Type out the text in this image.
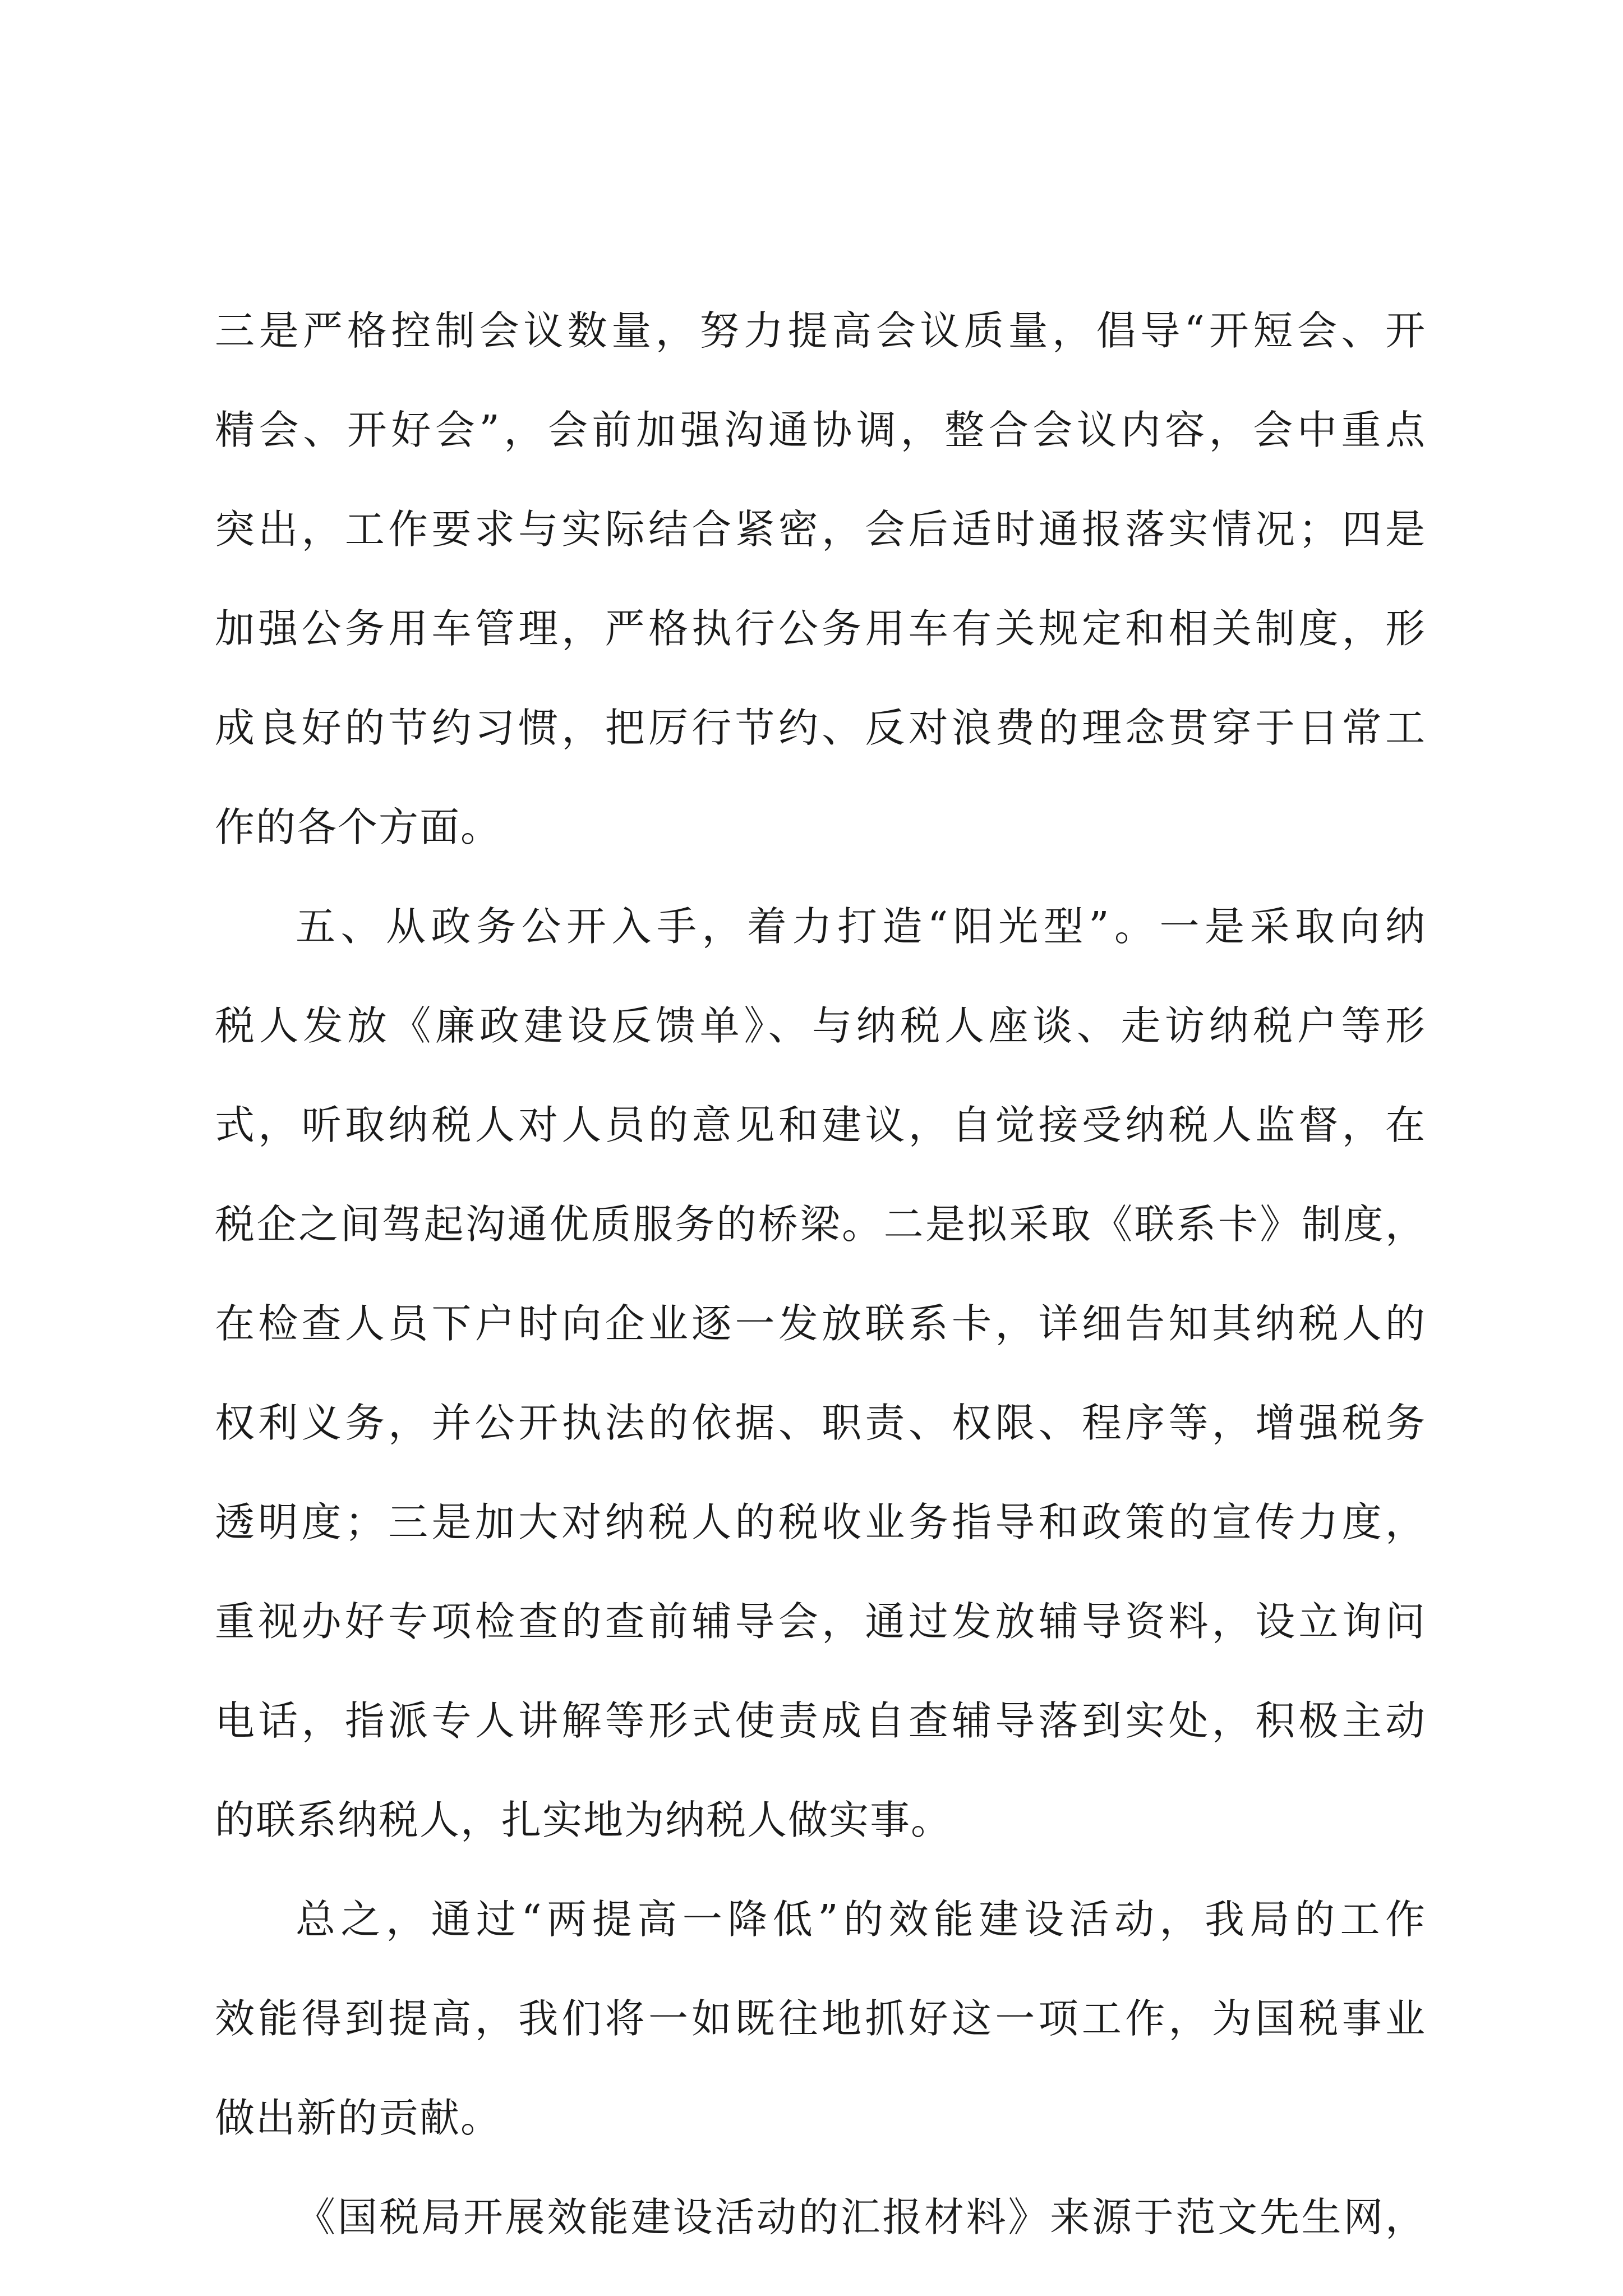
三是严格控制会议数量，努力提高会议质量，倡导“开短会、开
精会、开好会”，会前加强沟通协调，整合会议内容，会中重点
突出，工作要求与实际结合紧密，会后适时通报落实情况；四是
加强公务用车管理，严格执行公务用车有关规定和相关制度，形
成良好的节约习惯，把厉行节约、反对浪费的理念贯穿于日常工
作的各个方面。
五、从政务公开入手，着力打造“阳光型”。一是采取向纳
税人发放《廉政建设反馈单》、与纳税人座谈、走访纳税户等形
式，听取纳税人对人员的意见和建议，自觉接受纳税人监督，在
税企之间驾起沟通优质服务的桥梁。二是拟采取《联系卡》制度，
在检查人员下户时向企业逐一发放联系卡，详细告知其纳税人的
权利义务，并公开执法的依据、职责、权限、程序等，增强税务
透明度；三是加大对纳税人的税收业务指导和政策的宣传力度，
重视办好专项检查的查前辅导会，通过发放辅导资料，设立询问
电话，指派专人讲解等形式使责成自查辅导落到实处，积极主动
的联系纳税人，扎实地为纳税人做实事。
总之，通过“两提高一降低”的效能建设活动，我局的工作
效能得到提高，我们将一如既往地抓好这一项工作，为国税事业
做出新的贡献。
《国税局开展效能建设活动的汇报材料》来源于范文先生网，
